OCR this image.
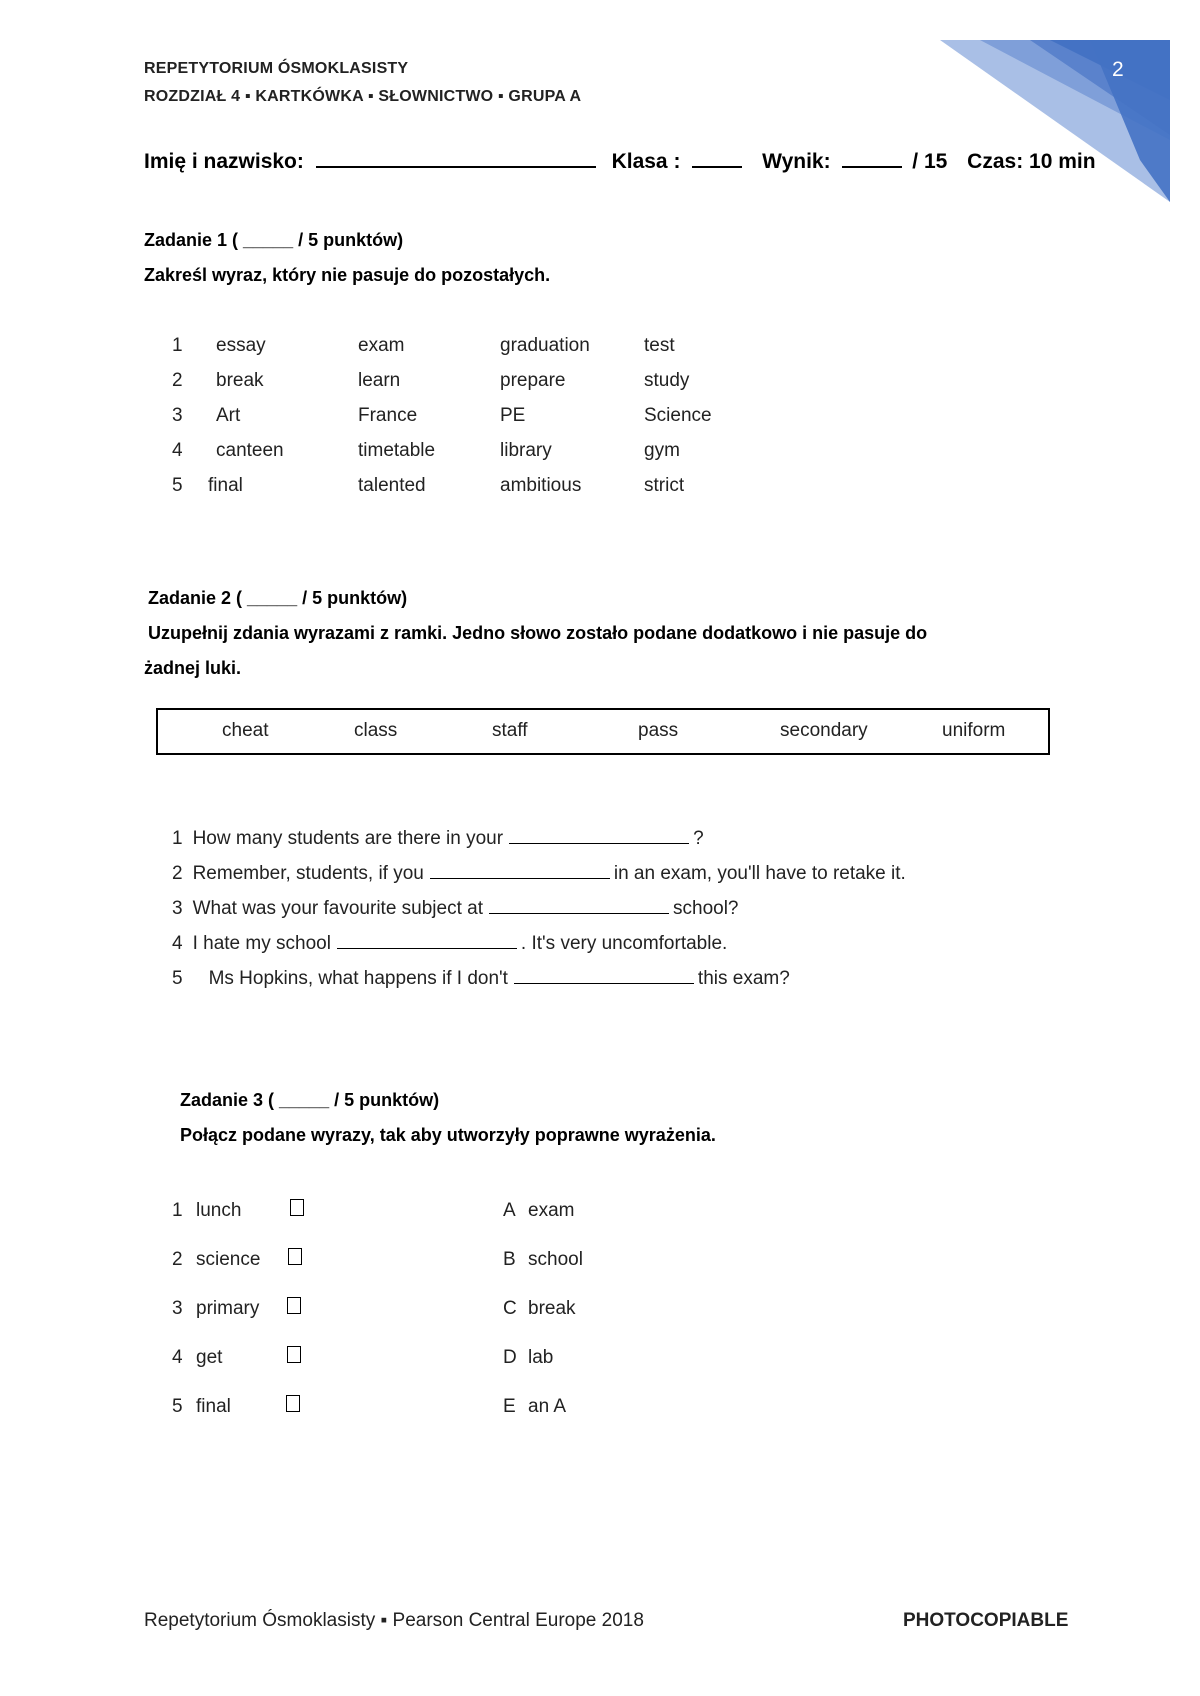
2
REPETYTORIUM ÓSMOKLASISTY
ROZDZIAŁ 4 ▪ KARTKÓWKA ▪ SŁOWNICTWO ▪ GRUPA A
Imię i nazwisko:	Klasa :	Wynik:	/ 15 Czas: 10 min
Zadanie 1 ( _____ / 5 punktów)
Zakreśl wyraz, który nie pasuje do pozostałych.
1 essay	exam	graduation	test
2 break	learn	prepare	study
3 Art	France	PE	Science
4 canteen	timetable	library	gym
5 final	talented	ambitious	strict
Zadanie 2 ( _____ / 5 punktów)
Uzupełnij zdania wyrazami z ramki. Jedno słowo zostało podane dodatkowo i nie pasuje do
żadnej luki.
cheat	class	staff	pass	secondary	uniform
1 How many students are there in your	?
2 Remember, students, if you	in an exam, you'll have to retake it.
3 What was your favourite subject at	school?
4 I hate my school	. It's very uncomfortable.
5 Ms Hopkins, what happens if I don't	this exam?
Zadanie 3 ( _____ / 5 punktów)
Połącz podane wyrazy, tak aby utworzyły poprawne wyrażenia.
1 lunch	A exam
2 science	B school
3 primary	C break
4 get	D lab
5 final	E an A
Repetytorium Ósmoklasisty ▪ Pearson Central Europe 2018	PHOTOCOPIABLE
